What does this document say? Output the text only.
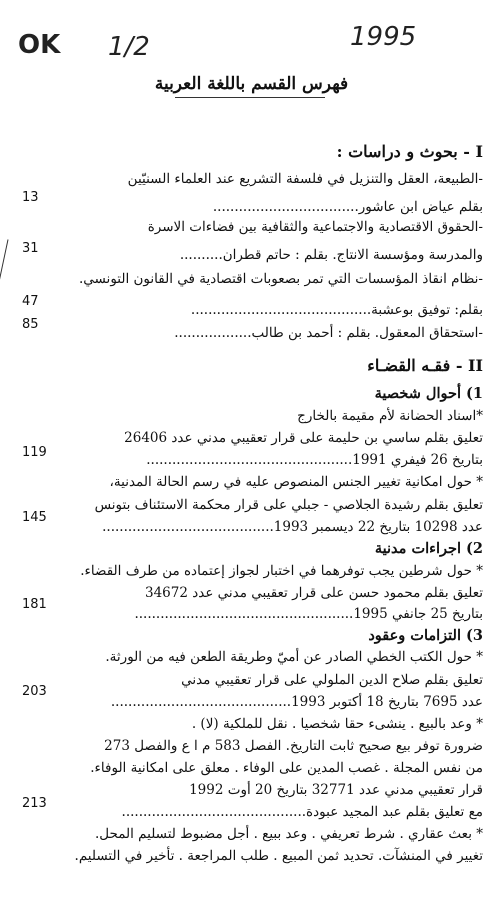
OK 1/2	1995
فهرس القسم باللغة العربية
I - بحوث و دراسات :
-الطبيعة، العقل والتنزيل في فلسفة التشريع عند العلماء السنيّين
بقلم عياض ابن عاشور..................................
13
-الحقوق الاقتصادية والاجتماعية والثقافية بين فضاءات الاسرة
والمدرسة ومؤسسة الانتاج. بقلم : حاتم قطران..........
31
-نظام انقاذ المؤسسات التي تمر بصعوبات اقتصادية في القانون التونسي.
بقلم: توفيق بوعشبة..........................................
47
-استحقاق المعقول. بقلم : أحمد بن طالب..................
85
II - فقـه القضـاء
1) أحوال شخصية
*اسناد الحضانة لأم مقيمة بالخارج
تعليق بقلم ساسي بن حليمة على قرار تعقيبي مدني عدد 26406
بتاريخ 26 فيفري 1991................................................
119
* حول امكانية تغيير الجنس المنصوص عليه في رسم الحالة المدنية،
تعليق بقلم رشيدة الجلاصي - جبلي على قرار محكمة الاستئناف بتونس
عدد 10298 بتاريخ 22 ديسمبر 1993........................................
145
2) اجراءات مدنية
* حول شرطين يجب توفرهما في اختبار لجواز إعتماده من طرف القضاء.
تعليق بقلم محمود حسن على قرار تعقيبي مدني عدد 34672
بتاريخ 25 جانفي 1995...................................................
181
3) التزامات وعقود
* حول الكتب الخطي الصادر عن أميّ وطريقة الطعن فيه من الورثة.
تعليق بقلم صلاح الدين الملولي على قرار تعقيبي مدني
عدد 7695 بتاريخ 18 أكتوبر 1993..........................................
203
* وعد بالبيع . ينشىء حقا شخصيا . نقل للملكية (لا) .
ضرورة توفر بيع صحيح ثابت التاريخ. الفصل 583 م ا ع والفصل 273
من نفس المجلة . غصب المدين على الوفاء . معلق على امكانية الوفاء.
قرار تعقيبي مدني عدد 32771 بتاريخ 20 أوت 1992
مع تعليق بقلم عبد المجيد عبودة...........................................
213
* بعث عقاري . شرط تعريفي . وعد ببيع . أجل مضبوط لتسليم المحل.
تغيير في المنشآت. تحديد ثمن المبيع . طلب المراجعة . تأخير في التسليم.
